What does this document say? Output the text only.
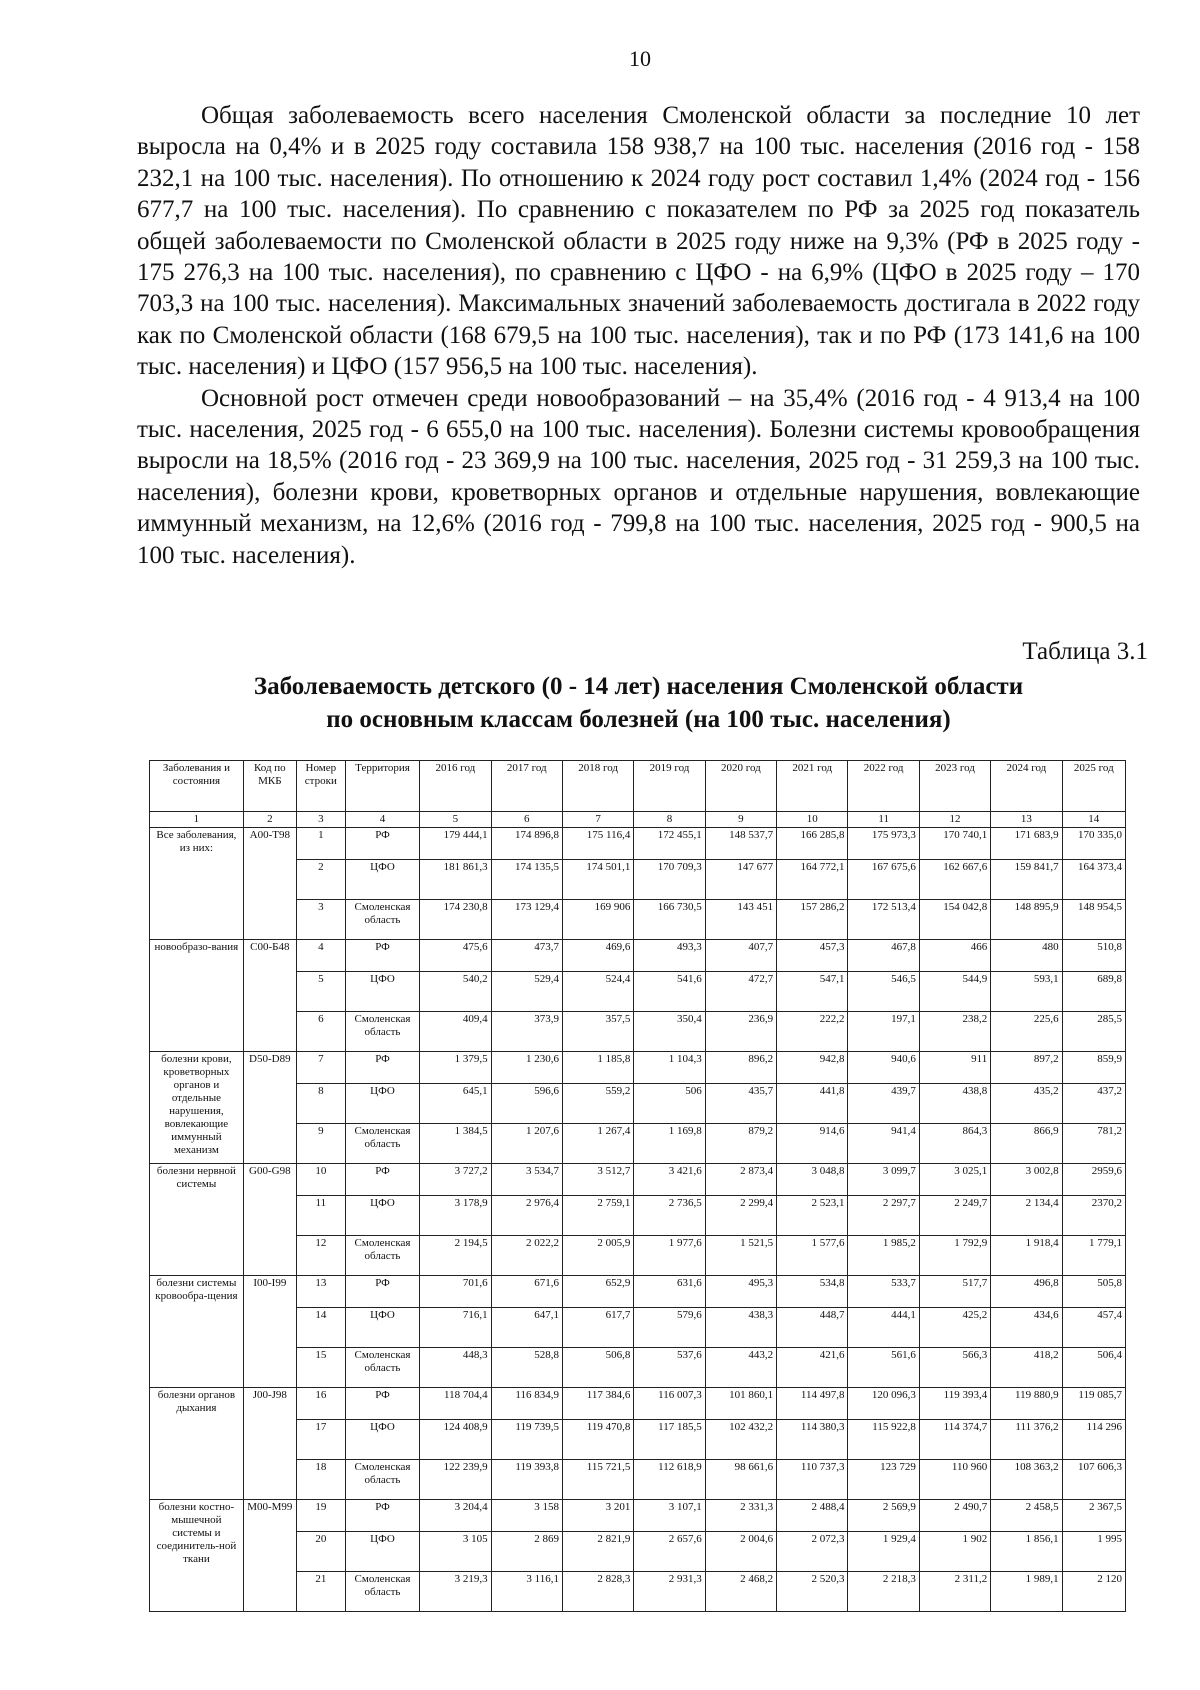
10

Общая заболеваемость всего населения Смоленской области за последние 10 лет выросла на 0,4% и в 2025 году составила 158 938,7 на 100 тыс. населения (2016 год - 158 232,1 на 100 тыс. населения). По отношению к 2024 году рост составил 1,4% (2024 год - 156 677,7 на 100 тыс. населения). По сравнению с показателем по РФ за 2025 год показатель общей заболеваемости по Смоленской области в 2025 году ниже на 9,3% (РФ в 2025 году - 175 276,3 на 100 тыс. населения), по сравнению с ЦФО - на 6,9% (ЦФО в 2025 году – 170 703,3 на 100 тыс. населения). Максимальных значений заболеваемость достигала в 2022 году как по Смоленской области (168 679,5 на 100 тыс. населения), так и по РФ (173 141,6 на 100 тыс. населения) и ЦФО (157 956,5 на 100 тыс. населения).

Основной рост отмечен среди новообразований – на 35,4% (2016 год - 4 913,4 на 100 тыс. населения, 2025 год - 6 655,0 на 100 тыс. населения). Болезни системы кровообращения выросли на 18,5% (2016 год - 23 369,9 на 100 тыс. населения, 2025 год - 31 259,3 на 100 тыс. населения), болезни крови, кроветворных органов и отдельные нарушения, вовлекающие иммунный механизм, на 12,6% (2016 год - 799,8 на 100 тыс. населения, 2025 год - 900,5 на 100 тыс. населения).

Таблица 3.1
Заболеваемость детского (0 - 14 лет) населения Смоленской области
по основным классам болезней (на 100 тыс. населения)
Заболевания и состояния	Код по МКБ	Номер строки	Территория	2016 год	2017 год	2018 год	2019 год	2020 год	2021 год	2022 год	2023 год	2024 год	2025 год
1	2	3	4	5	6	7	8	9	10	11	12	13	14
Все заболевания, из них:	А00-Т98	1	РФ	179 444,1	174 896,8	175 116,4	172 455,1	148 537,7	166 285,8	175 973,3	170 740,1	171 683,9	170 335,0
		2	ЦФО	181 861,3	174 135,5	174 501,1	170 709,3	147 677	164 772,1	167 675,6	162 667,6	159 841,7	164 373,4
		3	Смоленская область	174 230,8	173 129,4	169 906	166 730,5	143 451	157 286,2	172 513,4	154 042,8	148 895,9	148 954,5
новообразо-вания	С00-Б48	4	РФ	475,6	473,7	469,6	493,3	407,7	457,3	467,8	466	480	510,8
		5	ЦФО	540,2	529,4	524,4	541,6	472,7	547,1	546,5	544,9	593,1	689,8
		6	Смоленская область	409,4	373,9	357,5	350,4	236,9	222,2	197,1	238,2	225,6	285,5
болезни крови, кроветворных органов и отдельные нарушения, вовлекающие иммунный механизм	D50-D89	7	РФ	1 379,5	1 230,6	1 185,8	1 104,3	896,2	942,8	940,6	911	897,2	859,9
		8	ЦФО	645,1	596,6	559,2	506	435,7	441,8	439,7	438,8	435,2	437,2
		9	Смоленская область	1 384,5	1 207,6	1 267,4	1 169,8	879,2	914,6	941,4	864,3	866,9	781,2
болезни нервной системы	G00-G98	10	РФ	3 727,2	3 534,7	3 512,7	3 421,6	2 873,4	3 048,8	3 099,7	3 025,1	3 002,8	2959,6
		11	ЦФО	3 178,9	2 976,4	2 759,1	2 736,5	2 299,4	2 523,1	2 297,7	2 249,7	2 134,4	2370,2
		12	Смоленская область	2 194,5	2 022,2	2 005,9	1 977,6	1 521,5	1 577,6	1 985,2	1 792,9	1 918,4	1 779,1
болезни системы кровообра-щения	I00-I99	13	РФ	701,6	671,6	652,9	631,6	495,3	534,8	533,7	517,7	496,8	505,8
		14	ЦФО	716,1	647,1	617,7	579,6	438,3	448,7	444,1	425,2	434,6	457,4
		15	Смоленская область	448,3	528,8	506,8	537,6	443,2	421,6	561,6	566,3	418,2	506,4
болезни органов дыхания	J00-J98	16	РФ	118 704,4	116 834,9	117 384,6	116 007,3	101 860,1	114 497,8	120 096,3	119 393,4	119 880,9	119 085,7
		17	ЦФО	124 408,9	119 739,5	119 470,8	117 185,5	102 432,2	114 380,3	115 922,8	114 374,7	111 376,2	114 296
		18	Смоленская область	122 239,9	119 393,8	115 721,5	112 618,9	98 661,6	110 737,3	123 729	110 960	108 363,2	107 606,3
болезни костно-мышечной системы и соединитель-ной ткани	M00-M99	19	РФ	3 204,4	3 158	3 201	3 107,1	2 331,3	2 488,4	2 569,9	2 490,7	2 458,5	2 367,5
		20	ЦФО	3 105	2 869	2 821,9	2 657,6	2 004,6	2 072,3	1 929,4	1 902	1 856,1	1 995
		21	Смоленская область	3 219,3	3 116,1	2 828,3	2 931,3	2 468,2	2 520,3	2 218,3	2 311,2	1 989,1	2 120
